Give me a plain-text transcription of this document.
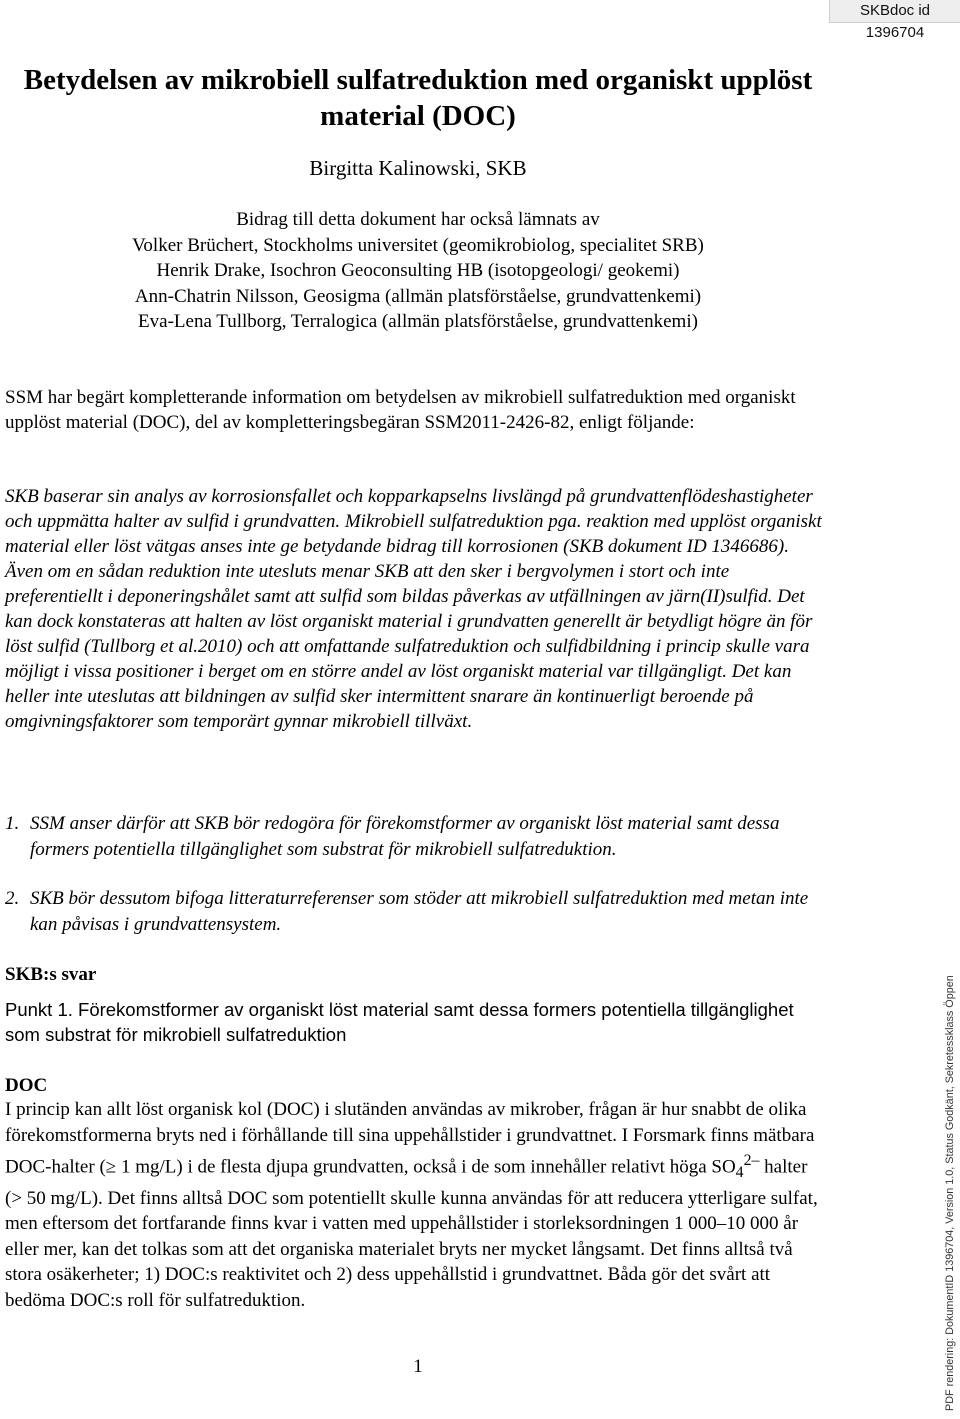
SKBdoc id 1396704
Betydelsen av mikrobiell sulfatreduktion med organiskt upplöst
material (DOC)
Birgitta Kalinowski, SKB
Bidrag till detta dokument har också lämnats av
Volker Brüchert, Stockholms universitet (geomikrobiolog, specialitet SRB)
Henrik Drake, Isochron Geoconsulting HB (isotopgeologi/ geokemi)
Ann-Chatrin Nilsson, Geosigma (allmän platsförståelse, grundvattenkemi)
Eva-Lena Tullborg, Terralogica (allmän platsförståelse, grundvattenkemi)

SSM har begärt kompletterande information om betydelsen av mikrobiell sulfatreduktion med organiskt upplöst material (DOC), del av kompletteringsbegäran SSM2011-2426-82, enligt följande:

SKB baserar sin analys av korrosionsfallet och kopparkapselns livslängd på grundvattenflödeshastigheter och uppmätta halter av sulfid i grundvatten. Mikrobiell sulfatreduktion pga. reaktion med upplöst organiskt material eller löst vätgas anses inte ge betydande bidrag till korrosionen (SKB dokument ID 1346686). Även om en sådan reduktion inte utesluts menar SKB att den sker i bergvolymen i stort och inte preferentiellt i deponeringshålet samt att sulfid som bildas påverkas av utfällningen av järn(II)sulfid. Det kan dock konstateras att halten av löst organiskt material i grundvatten generellt är betydligt högre än för löst sulfid (Tullborg et al.2010) och att omfattande sulfatreduktion och sulfidbildning i princip skulle vara möjligt i vissa positioner i berget om en större andel av löst organiskt material var tillgängligt. Det kan heller inte uteslutas att bildningen av sulfid sker intermittent snarare än kontinuerligt beroende på omgivningsfaktorer som temporärt gynnar mikrobiell tillväxt.

1. SSM anser därför att SKB bör redogöra för förekomstformer av organiskt löst material samt dessa formers potentiella tillgänglighet som substrat för mikrobiell sulfatreduktion.
2. SKB bör dessutom bifoga litteraturreferenser som stöder att mikrobiell sulfatreduktion med metan inte kan påvisas i grundvattensystem.
SKB:s svar
Punkt 1. Förekomstformer av organiskt löst material samt dessa formers potentiella tillgänglighet som substrat för mikrobiell sulfatreduktion
DOC

I princip kan allt löst organisk kol (DOC) i slutänden användas av mikrober, frågan är hur snabbt de olika förekomstformerna bryts ned i förhållande till sina uppehållstider i grundvattnet. I Forsmark finns mätbara DOC-halter (≥ 1 mg/L) i de flesta djupa grundvatten, också i de som innehåller relativt höga $SO_4^{2-}$ halter (> 50 mg/L). Det finns alltså DOC som potentiellt skulle kunna användas för att reducera ytterligare sulfat, men eftersom det fortfarande finns kvar i vatten med uppehållstider i storleksordningen 1 000–10 000 år eller mer, kan det tolkas som att det organiska materialet bryts ner mycket långsamt. Det finns alltså två stora osäkerheter; 1) DOC:s reaktivitet och 2) dess uppehållstid i grundvattnet. Båda gör det svårt att bedöma DOC:s roll för sulfatreduktion.

1	PDF rendering: DokumentID 1396704, Version 1.0, Status Godkänt, Sekretessklass Öppen
